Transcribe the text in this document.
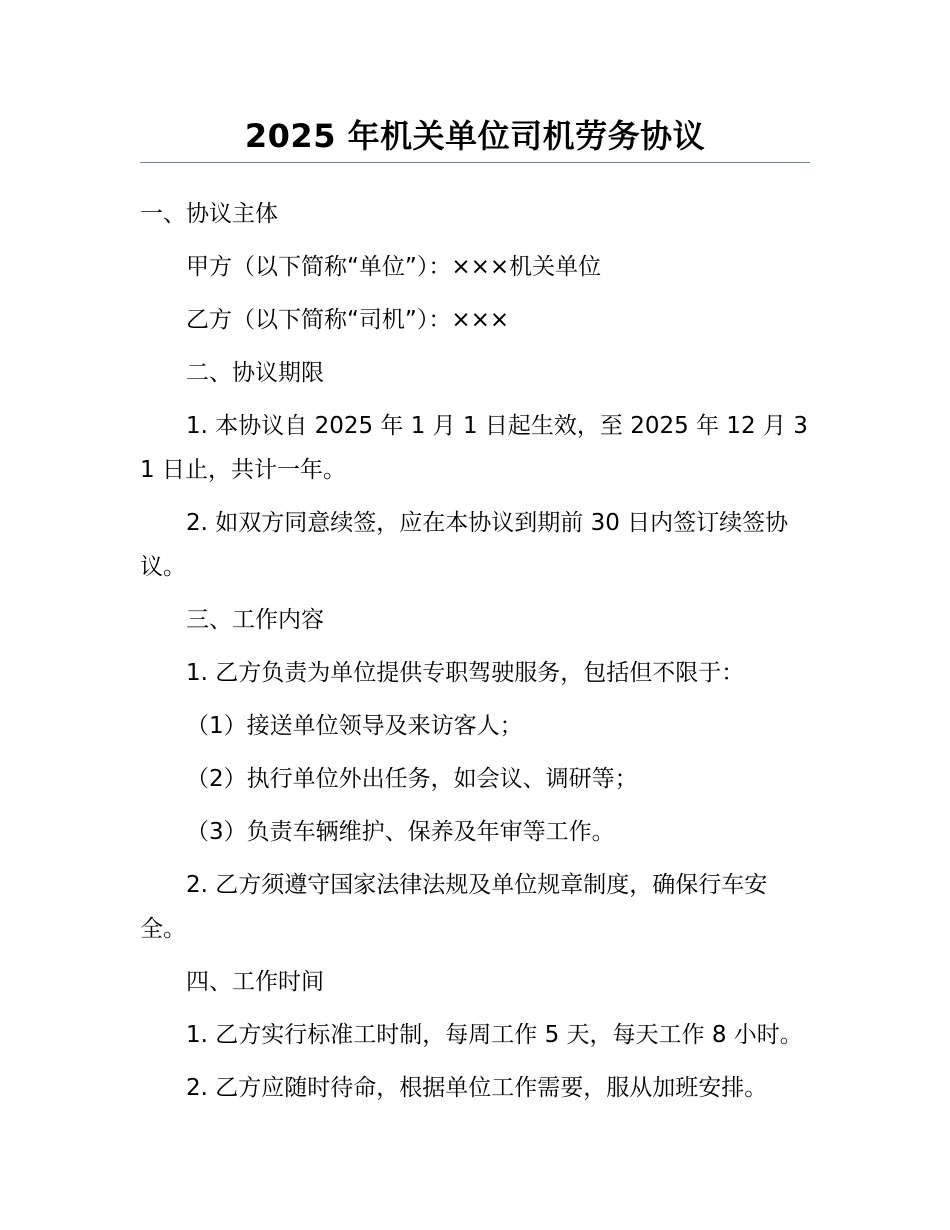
2025 年机关单位司机劳务协议

一、协议主体

甲方（以下简称“单位”）：×××机关单位

乙方（以下简称“司机”）：×××

二、协议期限

1. 本协议自 2025 年 1 月 1 日起生效，至 2025 年 12 月 31 日止，共计一年。

2. 如双方同意续签，应在本协议到期前 30 日内签订续签协议。

三、工作内容

1. 乙方负责为单位提供专职驾驶服务，包括但不限于：

（1）接送单位领导及来访客人；

（2）执行单位外出任务，如会议、调研等；

（3）负责车辆维护、保养及年审等工作。

2. 乙方须遵守国家法律法规及单位规章制度，确保行车安全。

四、工作时间

1. 乙方实行标准工时制，每周工作 5 天，每天工作 8 小时。

2. 乙方应随时待命，根据单位工作需要，服从加班安排。
